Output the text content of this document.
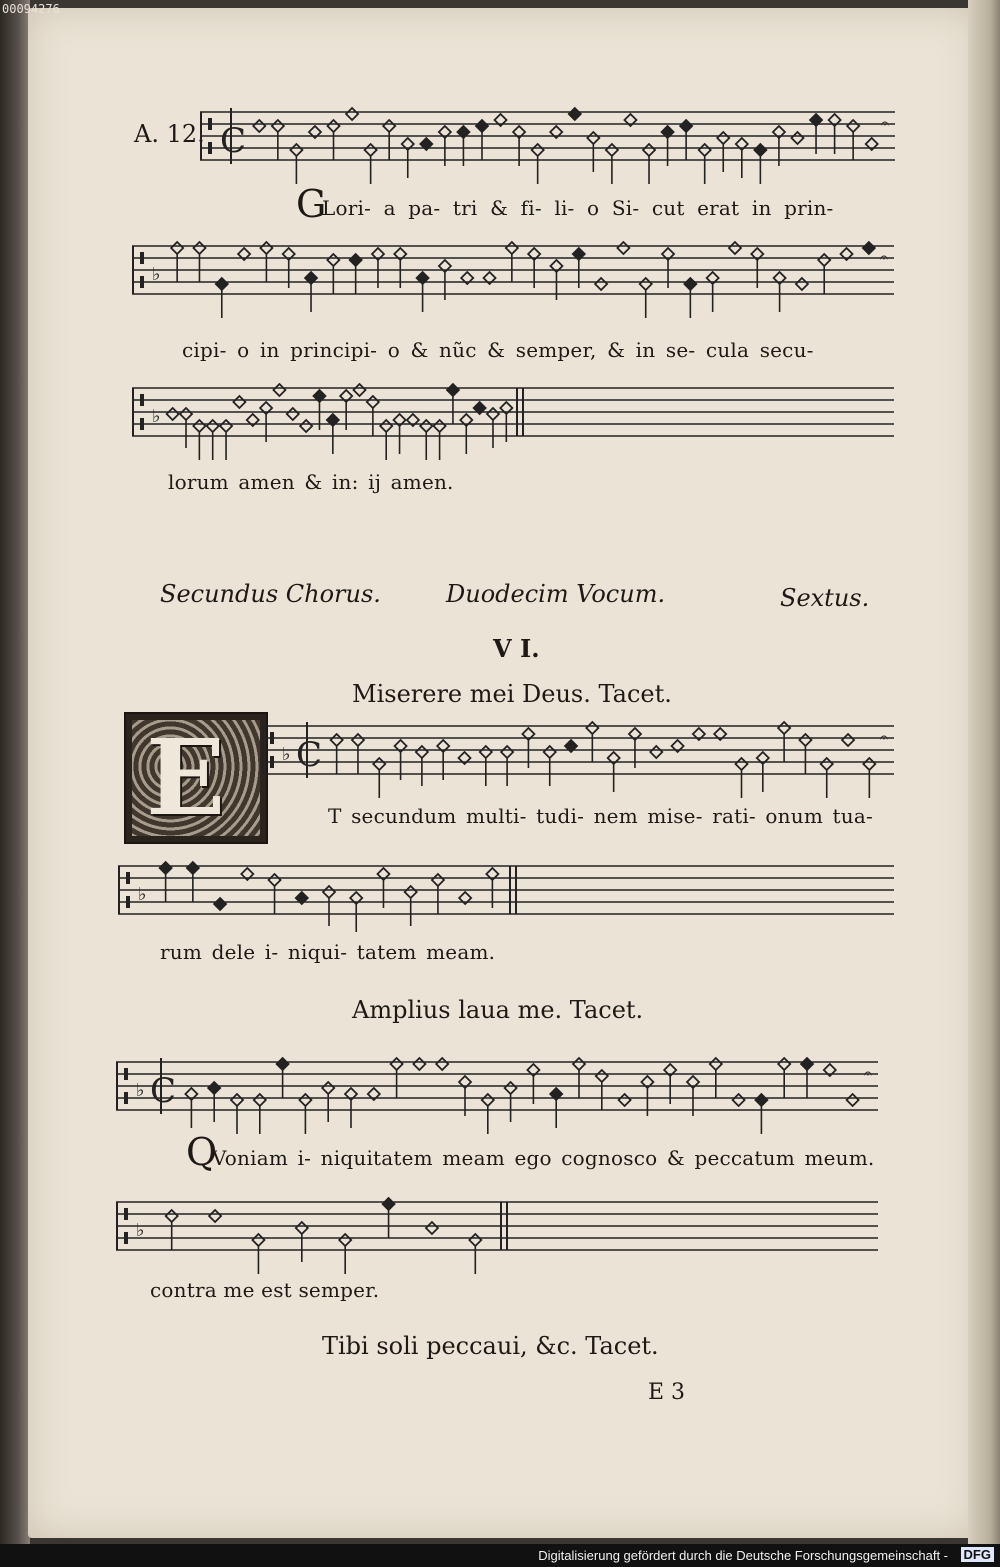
00094276
A. 12. C	𝄐
G
Lori- a pa- tri & fi- li- o Si- cut erat in prin-
♭
𝄐
cipi- o in principi- o & nũc & semper, & in se- cula secu-
♭
lorum amen & in: ij amen.
Secundus Chorus.	Duodecim Vocum.	Sextus.
V I.
Miserere mei Deus. Tacet.
E	♭ C	𝄐
T secundum multi- tudi- nem mise- rati- onum tua-
♭
rum dele i- niqui- tatem meam.
Amplius laua me. Tacet.
♭ C	𝄐
Q
Voniam i- niquitatem meam ego cognosco & peccatum meum.
♭
contra me est semper.
Tibi soli peccaui, &c. Tacet.
E 3
Digitalisierung gefördert durch die Deutsche Forschungsgemeinschaft - DFG
